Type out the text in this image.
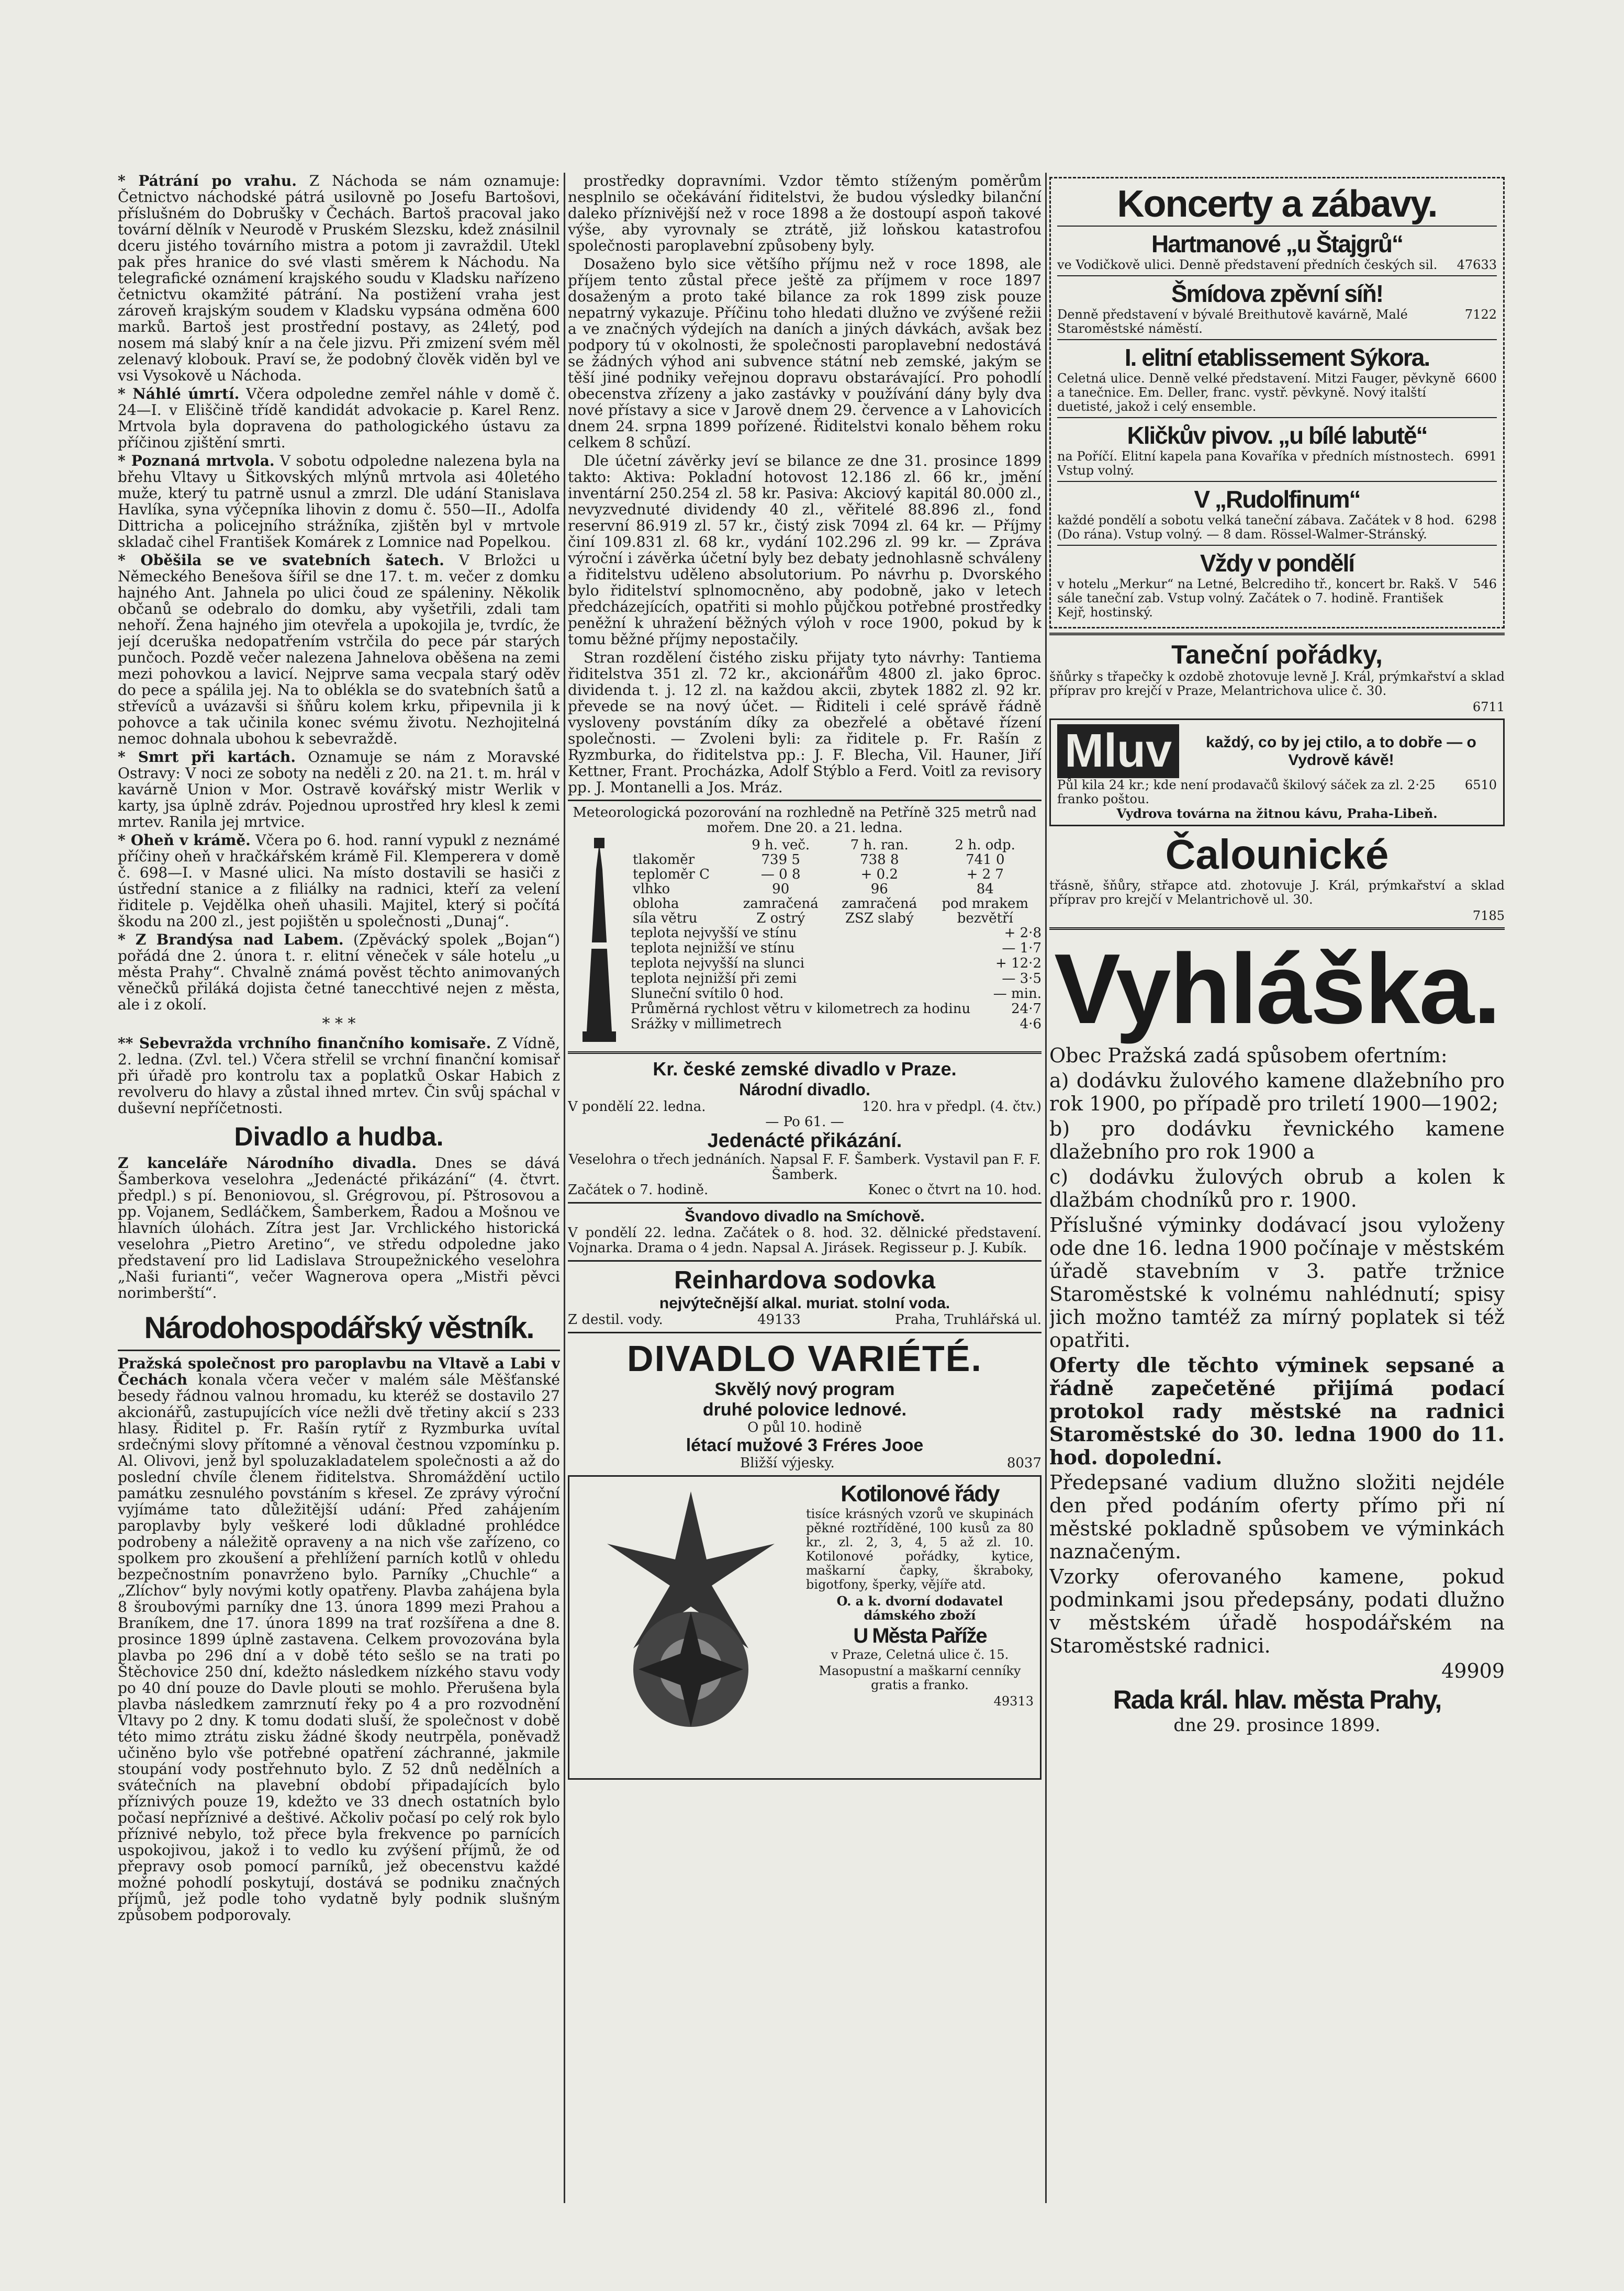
* Pátrání po vrahu. Z Náchoda se nám oznamuje: Četnictvo náchodské pátrá usilovně po Josefu Bartošovi, příslušném do Dobrušky v Čechách. Bartoš pracoval jako tovární dělník v Neurodě v Pruském Slezsku, kdež znásilnil dceru jistého továrního mistra a potom ji zavraždil. Utekl pak přes hranice do své vlasti směrem k Náchodu. Na telegrafické oznámení krajského soudu v Kladsku nařízeno četnictvu okamžité pátrání. Na postižení vraha jest zároveň krajským soudem v Kladsku vypsána odměna 600 marků. Bartoš jest prostřední postavy, as 24letý, pod nosem má slabý knír a na čele jizvu. Při zmizení svém měl zelenavý klobouk. Praví se, že podobný člověk viděn byl ve vsi Vysokově u Náchoda.

* Náhlé úmrtí. Včera odpoledne zemřel náhle v domě č. 24—I. v Eliščině třídě kandidát advokacie p. Karel Renz. Mrtvola byla dopravena do pathologického ústavu za příčinou zjištění smrti.

* Poznaná mrtvola. V sobotu odpoledne nalezena byla na břehu Vltavy u Šitkovských mlýnů mrtvola asi 40letého muže, který tu patrně usnul a zmrzl. Dle udání Stanislava Havlíka, syna výčepníka lihovin z domu č. 550—II., Adolfa Dittricha a policejního strážníka, zjištěn byl v mrtvole skladač cihel František Komárek z Lomnice nad Popelkou.

* Oběšila se ve svatebních šatech. V Brložci u Německého Benešova šířil se dne 17. t. m. večer z domku hajného Ant. Jahnela po ulici čoud ze spáleniny. Několik občanů se odebralo do domku, aby vyšetřili, zdali tam nehoří. Žena hajného jim otevřela a upokojila je, tvrdíc, že její dceruška nedopatřením vstrčila do pece pár starých punčoch. Pozdě večer nalezena Jahnelova oběšena na zemi mezi pohovkou a lavicí. Nejprve sama vecpala starý oděv do pece a spálila jej. Na to oblékla se do svatebních šatů a střevíců a uvázavši si šňůru kolem krku, připevnila ji k pohovce a tak učinila konec svému životu. Nezhojitelná nemoc dohnala ubohou k sebevraždě.

* Smrt při kartách. Oznamuje se nám z Moravské Ostravy: V noci ze soboty na neděli z 20. na 21. t. m. hrál v kavárně Union v Mor. Ostravě kovářský mistr Werlik v karty, jsa úplně zdráv. Pojednou uprostřed hry klesl k zemi mrtev. Ranila jej mrtvice.

* Oheň v krámě. Včera po 6. hod. ranní vypukl z neznámé příčiny oheň v hračkářském krámě Fil. Klemperera v domě č. 698—I. v Masné ulici. Na místo dostavili se hasiči z ústřední stanice a z filiálky na radnici, kteří za velení řiditele p. Vejdělka oheň uhasili. Majitel, který si počítá škodu na 200 zl., jest pojištěn u společnosti „Dunaj“.

* Z Brandýsa nad Labem. (Zpěvácký spolek „Bojan“) pořádá dne 2. února t. r. elitní věneček v sále hotelu „u města Prahy“. Chvalně známá pověst těchto animovaných věnečků přiláká dojista četné tanecchtivé nejen z města, ale i z okolí.

* * *

** Sebevražda vrchního finančního komisaře. Z Vídně, 2. ledna. (Zvl. tel.) Včera střelil se vrchní finanční komisař při úřadě pro kontrolu tax a poplatků Oskar Habich z revolveru do hlavy a zůstal ihned mrtev. Čin svůj spáchal v duševní nepříčetnosti.

Divadlo a hudba.

Z kanceláře Národního divadla. Dnes se dává Šamberkova veselohra „Jedenácté přikázání“ (4. čtvrt. předpl.) s pí. Benoniovou, sl. Grégrovou, pí. Pštrosovou a pp. Vojanem, Sedláčkem, Šamberkem, Řadou a Mošnou ve hlavních úlohách. Zítra jest Jar. Vrchlického historická veselohra „Pietro Aretino“, ve středu odpoledne jako představení pro lid Ladislava Stroupežnického veselohra „Naši furianti“, večer Wagnerova opera „Mistři pěvci norimberští“.

Národohospodářský věstník.

Pražská společnost pro paroplavbu na Vltavě a Labi v Čechách konala včera večer v malém sále Měšťanské besedy řádnou valnou hromadu, ku kteréž se dostavilo 27 akcionářů, zastupujících více nežli dvě třetiny akcií s 233 hlasy. Řiditel p. Fr. Rašín rytíř z Ryzmburka uvítal srdečnými slovy přítomné a věnoval čestnou vzpomínku p. Al. Olivovi, jenž byl spoluzakladatelem společnosti a až do poslední chvíle členem řiditelstva. Shromáždění uctilo památku zesnulého povstáním s křesel. Ze zprávy výroční vyjímáme tato důležitější udání: Před zahájením paroplavby byly veškeré lodi důkladné prohlédce podrobeny a náležitě opraveny a na nich vše zařízeno, co spolkem pro zkoušení a přehlížení parních kotlů v ohledu bezpečnostním ponavrženo bylo. Parníky „Chuchle“ a „Zlíchov“ byly novými kotly opatřeny. Plavba zahájena byla 8 šroubovými parníky dne 13. února 1899 mezi Prahou a Braníkem, dne 17. února 1899 na trať rozšířena a dne 8. prosince 1899 úplně zastavena. Celkem provozována byla plavba po 296 dní a v době této sešlo se na trati po Štěchovice 250 dní, kdežto následkem nízkého stavu vody po 40 dní pouze do Davle plouti se mohlo. Přerušena byla plavba následkem zamrznutí řeky po 4 a pro rozvodnění Vltavy po 2 dny. K tomu dodati sluší, že společnost v době této mimo ztrátu zisku žádné škody neutrpěla, poněvadž učiněno bylo vše potřebné opatření záchranné, jakmile stoupání vody postřehnuto bylo. Z 52 dnů nedělních a svátečních na plavební období připadajících bylo příznivých pouze 19, kdežto ve 33 dnech ostatních bylo počasí nepříznivé a deštivé. Ačkoliv počasí po celý rok bylo příznivé nebylo, tož přece byla frekvence po parnících uspokojivou, jakož i to vedlo ku zvýšení příjmů, že od přepravy osob pomocí parníků, jež obecenstvu každé možné pohodlí poskytují, dostává se podniku značných příjmů, jež podle toho vydatně byly podnik slušným způsobem podporovaly.

prostředky dopravními. Vzdor těmto stíženým poměrům nesplnilo se očekávání řiditelstvi, že budou výsledky bilanční daleko příznivější než v roce 1898 a že dostoupí aspoň takové výše, aby vyrovnaly se ztrátě, již loňskou katastrofou společnosti paroplavební způsobeny byly.

Dosaženo bylo sice většího příjmu než v roce 1898, ale příjem tento zůstal přece ještě za příjmem v roce 1897 dosaženým a proto také bilance za rok 1899 zisk pouze nepatrný vykazuje. Příčinu toho hledati dlužno ve zvýšené režii a ve značných výdejích na daních a jiných dávkách, avšak bez podpory tú v okolnosti, že společnosti paroplavební nedostává se žádných výhod ani subvence státní neb zemské, jakým se těší jiné podniky veřejnou dopravu obstarávající. Pro pohodlí obecenstva zřízeny a jako zastávky v používání dány byly dva nové přístavy a sice v Jarově dnem 29. července a v Lahovicích dnem 24. srpna 1899 pořízené. Řiditelstvi konalo během roku celkem 8 schůzí.

Dle účetní závěrky jeví se bilance ze dne 31. prosince 1899 takto: Aktiva: Pokladní hotovost 12.186 zl. 66 kr., jmění inventární 250.254 zl. 58 kr. Pasiva: Akciový kapitál 80.000 zl., nevyzvednuté dividendy 40 zl., věřitelé 88.896 zl., fond reservní 86.919 zl. 57 kr., čistý zisk 7094 zl. 64 kr. — Příjmy činí 109.831 zl. 68 kr., vydání 102.296 zl. 99 kr. — Zpráva výroční i závěrka účetní byly bez debaty jednohlasně schváleny a řiditelstvu uděleno absolutorium. Po návrhu p. Dvorského bylo řiditelství splnomocněno, aby podobně, jako v letech předcházejících, opatřiti si mohlo půjčkou potřebné prostředky peněžní k uhražení běžných výloh v roce 1900, pokud by k tomu běžné příjmy nepostačily.

Stran rozdělení čistého zisku přijaty tyto návrhy: Tantiema řiditelstva 351 zl. 72 kr., akcionářům 4800 zl. jako 6proc. dividenda t. j. 12 zl. na každou akcii, zbytek 1882 zl. 92 kr. převede se na nový účet. — Řiditeli i celé správě řádně vysloveny povstáním díky za obezřelé a obětavé řízení společnosti. — Zvoleni byli: za řiditele p. Fr. Rašín z Ryzmburka, do řiditelstva pp.: J. F. Blecha, Vil. Hauner, Jiří Kettner, Frant. Procházka, Adolf Stýblo a Ferd. Voitl za revisory pp. J. Montanelli a Jos. Mráz.

Meteorologická pozorování na rozhledně na Petříně 325 metrů nad mořem. Dne 20. a 21. ledna.

	9 h. več.	7 h. ran.	2 h. odp.
tlakoměr	739 5	738 8	741 0
teploměr C	— 0 8	+ 0.2	+ 2 7
vlhko	90	96	84
obloha	zamračená	zamračená	pod mrakem
síla větru	Z ostrý	ZSZ slabý	bezvětří
teplota nejvyšší ve stínu	+ 2·8
teplota nejnižší ve stínu	— 1·7
teplota nejvyšší na slunci	+ 12·2
teplota nejnižší při zemi	— 3·5
Sluneční svítilo 0 hod.	— min.
Průměrná rychlost větru v kilometrech za hodinu	24·7
Srážky v millimetrech	4·6
Kr. české zemské divadlo v Praze.
Národní divadlo.
V pondělí 22. ledna.	120. hra v předpl. (4. čtv.)
— Po 61. —
Jedenácté přikázání.
Veselohra o třech jednáních. Napsal F. F. Šamberk. Vystavil pan F. F. Šamberk.
Začátek o 7. hodině.	Konec o čtvrt na 10. hod.
Švandovo divadlo na Smíchově.

V pondělí 22. ledna. Začátek o 8. hod. 32. dělnické představení. Vojnarka. Drama o 4 jedn. Napsal A. Jirásek. Regisseur p. J. Kubík.

Reinhardova sodovka
nejvýtečnější alkal. muriat. stolní voda.
Z destil. vody.	49133	Praha, Truhlářská ul.
DIVADLO VARIÉTÉ.
Skvělý nový program
druhé polovice lednové.
O půl 10. hodině
létací mužové 3 Fréres Jooe
Bližší výjesky.	8037
Kotilonové řády

tisíce krásných vzorů ve skupinách pěkné roztříděné, 100 kusů za 80 kr., zl. 2, 3, 4, 5 až zl. 10. Kotilonové pořádky, kytice, maškarní čapky, škraboky, bigotfony, šperky, vějíře atd.

O. a k. dvorní dodavatel dámského zboží

U Města Paříže

v Praze, Celetná ulice č. 15.

Masopustní a maškarní cenníky gratis a franko.

49313

Koncerty a zábavy.
Hartmanové „u Štajgrů“
ve Vodičkově ulici. Denně představení předních českých sil.	47633
Šmídova zpěvní síň!
Denně představení v bývalé Breithutově kavárně, Malé Staroměstské náměstí.
7122
I. elitní etablissement Sýkora.
Celetná ulice. Denně velké představení. Mitzi Fauger, pěvkyně a tanečnice. Em. Deller, franc. vystř. pěvkyně. Nový italští duetisté, jakož i celý ensemble.
6600
Kličkův pivov. „u bílé labutě“
na Poříčí. Elitní kapela pana Kovaříka v předních místnostech. Vstup volný.
6991
V „Rudolfinum“
každé pondělí a sobotu velká taneční zábava. Začátek v 8 hod. (Do rána). Vstup volný. — 8 dam. Rössel-Walmer-Stránský.
6298
Vždy v pondělí
v hotelu „Merkur“ na Letné, Belcrediho tř., koncert br. Rakš. V sále taneční zab. Vstup volný. Začátek o 7. hodině. František Kejř, hostinský.
546
Taneční pořádky,

šňůrky s třapečky k ozdobě zhotovuje levně J. Král, prýmkařství a sklad příprav pro krejčí v Praze, Melantrichova ulice č. 30.

6711

Mluv	každý, co by jej ctilo, a to dobře — o Vydrově kávě!
Půl kila 24 kr.; kde není prodavačů škilový sáček za zl. 2·25 franko poštou.
6510
Vydrova továrna na žitnou kávu, Praha-Libeň.
Čalounické

třásně, šňůry, střapce atd. zhotovuje J. Král, prýmkařství a sklad příprav pro krejčí v Melantrichově ul. 30.

7185

Vyhláška.

Obec Pražská zadá spůsobem ofertním:

a) dodávku žulového kamene dlažebního pro rok 1900, po případě pro triletí 1900—1902;

b) pro dodávku řevnického kamene dlažebního pro rok 1900 a

c) dodávku žulových obrub a kolen k dlažbám chodníků pro r. 1900.

Příslušné výminky dodávací jsou vyloženy ode dne 16. ledna 1900 počínaje v městském úřadě stavebním v 3. patře tržnice Staroměstské k volnému nahlédnutí; spisy jich možno tamtéž za mírný poplatek si též opatřiti.

Oferty dle těchto výminek sepsané a řádně zapečetěné přijímá podací protokol rady městské na radnici Staroměstské do 30. ledna 1900 do 11. hod. dopolední.

Předepsané vadium dlužno složiti nejdéle den před podáním oferty přímo při ní městské pokladně spůsobem ve výminkách naznačeným.

Vzorky oferovaného kamene, pokud podminkami jsou předepsány, podati dlužno v městském úřadě hospodářském na Staroměstské radnici.

49909

Rada král. hlav. města Prahy,
dne 29. prosince 1899.
